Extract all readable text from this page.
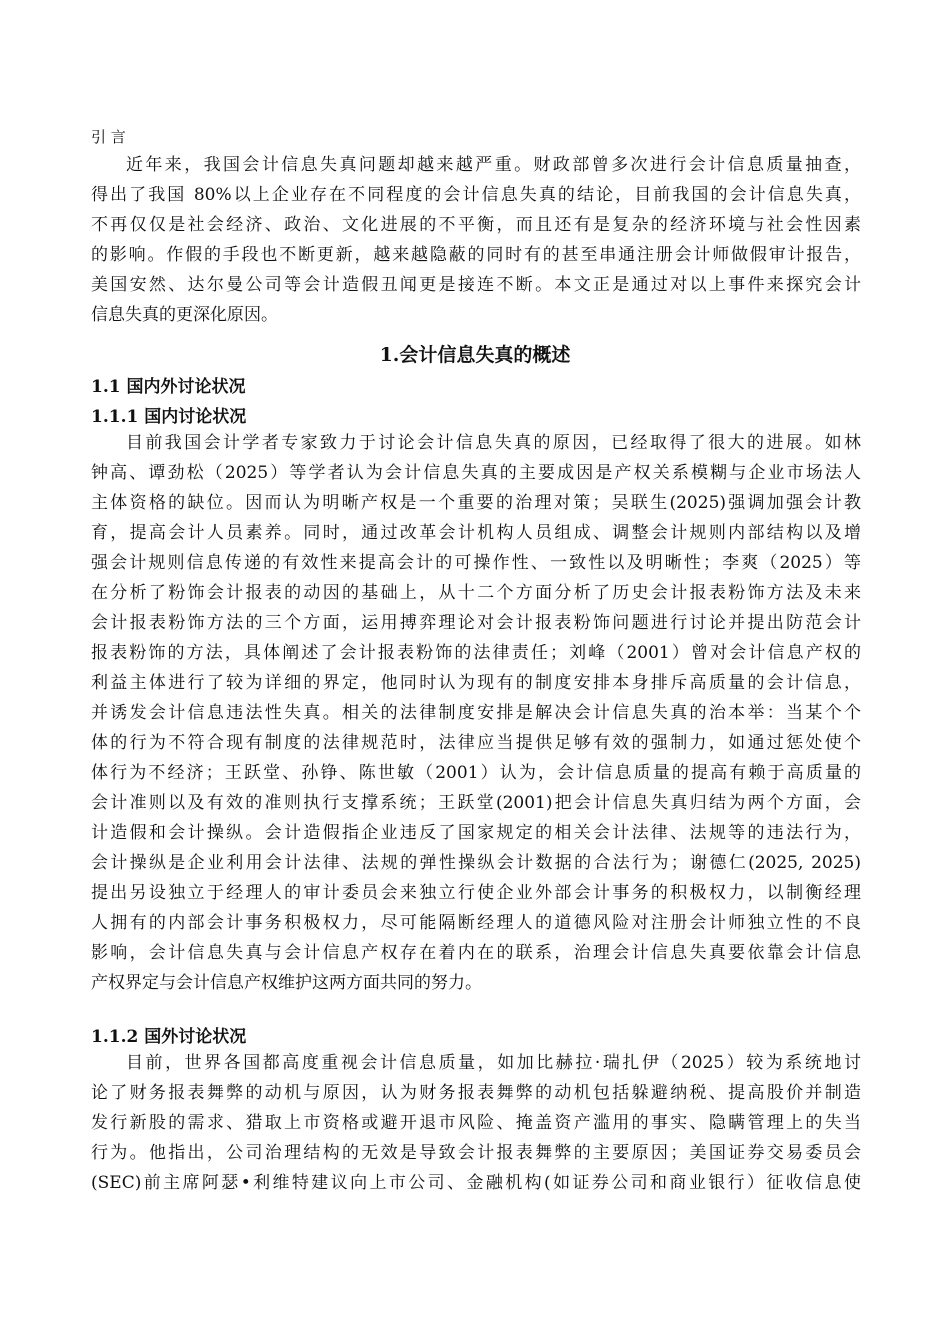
引 言
近年来，我国会计信息失真问题却越来越严重。财政部曾多次进行会计信息质量抽查，
得出了我国 80%以上企业存在不同程度的会计信息失真的结论，目前我国的会计信息失真，
不再仅仅是社会经济、政治、文化进展的不平衡，而且还有是复杂的经济环境与社会性因素
的影响。作假的手段也不断更新，越来越隐蔽的同时有的甚至串通注册会计师做假审计报告，
美国安然、达尔曼公司等会计造假丑闻更是接连不断。本文正是通过对以上事件来探究会计
信息失真的更深化原因。
1.会计信息失真的概述
1.1 国内外讨论状况
1.1.1 国内讨论状况
目前我国会计学者专家致力于讨论会计信息失真的原因，已经取得了很大的进展。如林
钟高、谭劲松（2025）等学者认为会计信息失真的主要成因是产权关系模糊与企业市场法人
主体资格的缺位。因而认为明晰产权是一个重要的治理对策；吴联生(2025)强调加强会计教
育，提高会计人员素养。同时，通过改革会计机构人员组成、调整会计规则内部结构以及增
强会计规则信息传递的有效性来提高会计的可操作性、一致性以及明晰性；李爽（2025）等
在分析了粉饰会计报表的动因的基础上，从十二个方面分析了历史会计报表粉饰方法及未来
会计报表粉饰方法的三个方面，运用搏弈理论对会计报表粉饰问题进行讨论并提出防范会计
报表粉饰的方法，具体阐述了会计报表粉饰的法律责任；刘峰（2001）曾对会计信息产权的
利益主体进行了较为详细的界定，他同时认为现有的制度安排本身排斥高质量的会计信息，
并诱发会计信息违法性失真。相关的法律制度安排是解决会计信息失真的治本举：当某个个
体的行为不符合现有制度的法律规范时，法律应当提供足够有效的强制力，如通过惩处使个
体行为不经济；王跃堂、孙铮、陈世敏（2001）认为，会计信息质量的提高有赖于高质量的
会计准则以及有效的准则执行支撑系统；王跃堂(2001)把会计信息失真归结为两个方面，会
计造假和会计操纵。会计造假指企业违反了国家规定的相关会计法律、法规等的违法行为，
会计操纵是企业利用会计法律、法规的弹性操纵会计数据的合法行为；谢德仁(2025, 2025)
提出另设独立于经理人的审计委员会来独立行使企业外部会计事务的积极权力，以制衡经理
人拥有的内部会计事务积极权力，尽可能隔断经理人的道德风险对注册会计师独立性的不良
影响，会计信息失真与会计信息产权存在着内在的联系，治理会计信息失真要依靠会计信息
产权界定与会计信息产权维护这两方面共同的努力。
1.1.2 国外讨论状况
目前，世界各国都高度重视会计信息质量，如加比赫拉·瑞扎伊（2025）较为系统地讨
论了财务报表舞弊的动机与原因，认为财务报表舞弊的动机包括躲避纳税、提高股价并制造
发行新股的需求、猎取上市资格或避开退市风险、掩盖资产滥用的事实、隐瞒管理上的失当
行为。他指出，公司治理结构的无效是导致会计报表舞弊的主要原因；美国证券交易委员会
(SEC)前主席阿瑟•利维特建议向上市公司、金融机构(如证券公司和商业银行）征收信息使
